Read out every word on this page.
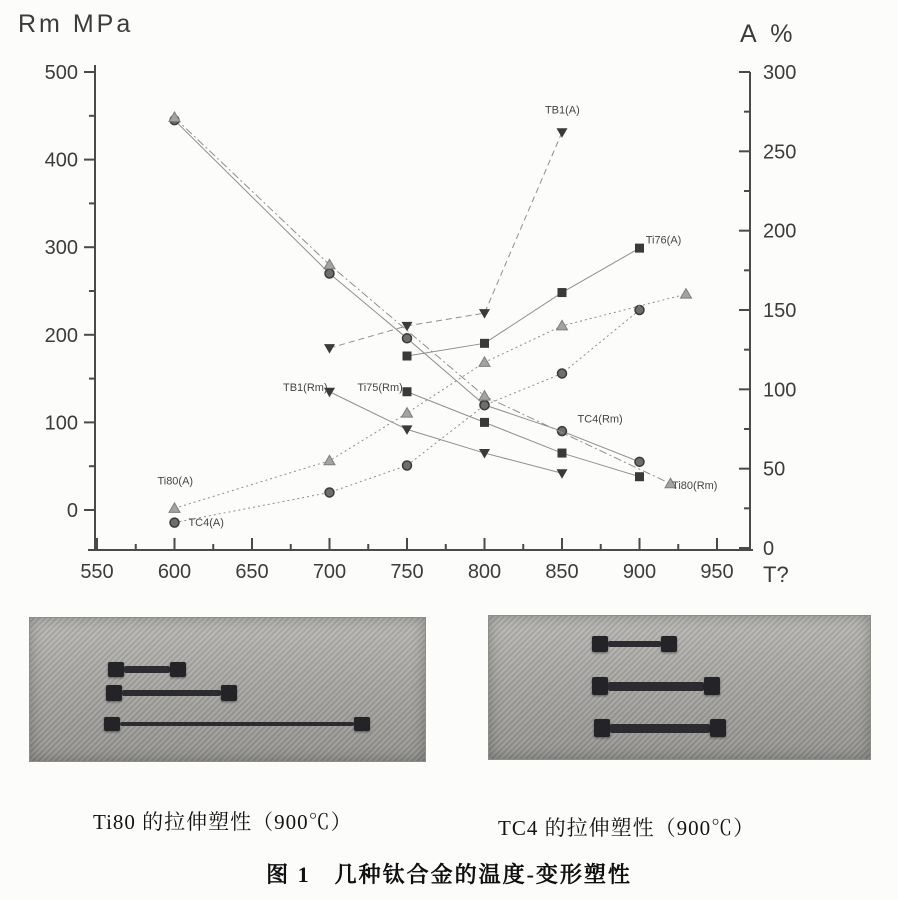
0
100
200
300
400
500
0
50
100
150
200
250
300
550 600 650 700 750 800 850 900 950
Rm MPa	A %
T?
TC4(Rm)
TC4(A)
TB1(Rm)
TB1(A)
Ti75(Rm)
Ti76(A)
Ti80(Rm)
Ti80(A)
Ti80 的拉伸塑性（900℃）	TC4 的拉伸塑性（900℃）
图 1　几种钛合金的温度-变形塑性
